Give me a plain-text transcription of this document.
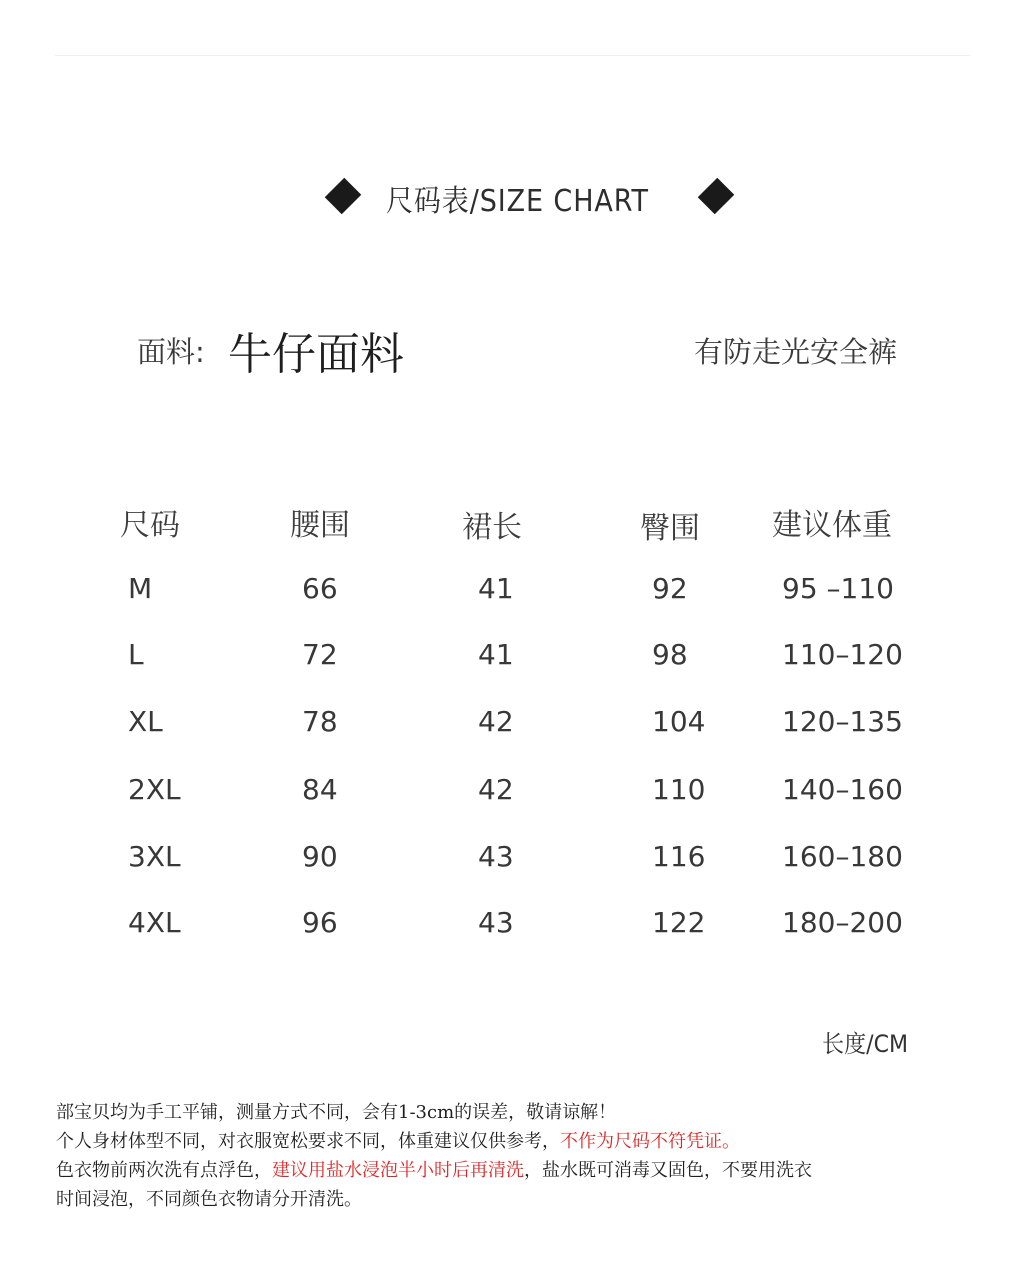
尺码表/SIZE CHART
面料: 牛仔面料	有防走光安全裤
尺码	腰围	裙长	臀围 建议体重
M	66	41	92	95 –110
L	72	41	98	110–120
XL	78	42	104	120–135
2XL	84	42	110	140–160
3XL	90	43	116	160–180
4XL	96	43	122	180–200
长度/CM
部宝贝均为手工平铺，测量方式不同，会有1-3cm的误差，敬请谅解！
个人身材体型不同，对衣服宽松要求不同，体重建议仅供参考，不作为尺码不符凭证。
色衣物前两次洗有点浮色，建议用盐水浸泡半小时后再清洗，盐水既可消毒又固色，不要用洗衣
时间浸泡，不同颜色衣物请分开清洗。
